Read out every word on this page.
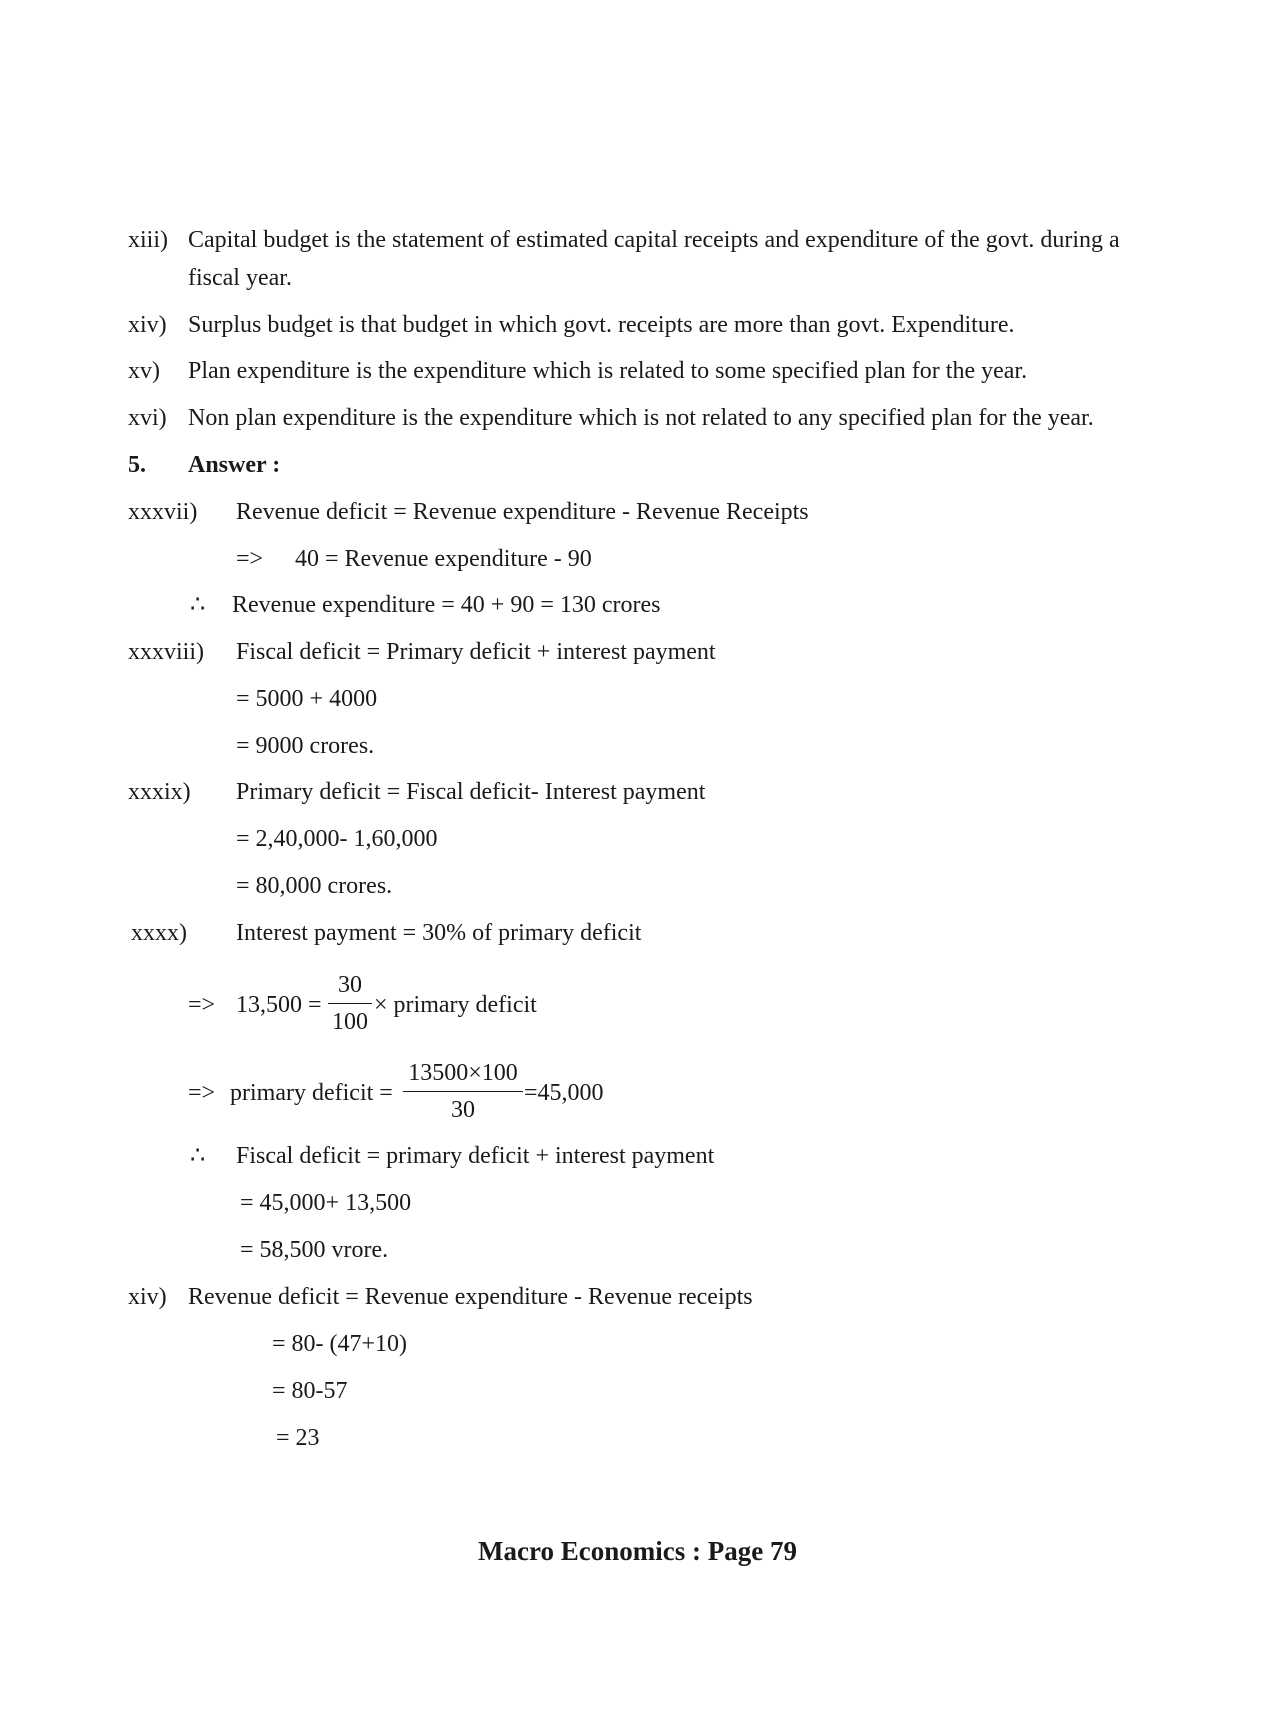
xiii) Capital budget is the statement of estimated capital receipts and expenditure of the govt. during a
fiscal year.
xiv) Surplus budget is that budget in which govt. receipts are more than govt. Expenditure.
xv) Plan expenditure is the expenditure which is related to some specified plan for the year.
xvi) Non plan expenditure is the expenditure which is not related to any specified plan for the year.
5. Answer :
xxxvii) Revenue deficit = Revenue expenditure - Revenue Receipts
=> 40 = Revenue expenditure - 90
∴ Revenue expenditure = 40 + 90 = 130 crores
xxxviii) Fiscal deficit = Primary deficit + interest payment
= 5000 + 4000
= 9000 crores.
xxxix) Primary deficit = Fiscal deficit- Interest payment
= 2,40,000- 1,60,000
= 80,000 crores.
xxxx) Interest payment = 30% of primary deficit
=> 13,500 =
30
100
× primary deficit
=> primary deficit =
13500×100
30
=45,000
∴ Fiscal deficit = primary deficit + interest payment
= 45,000+ 13,500
= 58,500 vrore.
xiv) Revenue deficit = Revenue expenditure - Revenue receipts
= 80- (47+10)
= 80-57
= 23
Macro Economics : Page 79
